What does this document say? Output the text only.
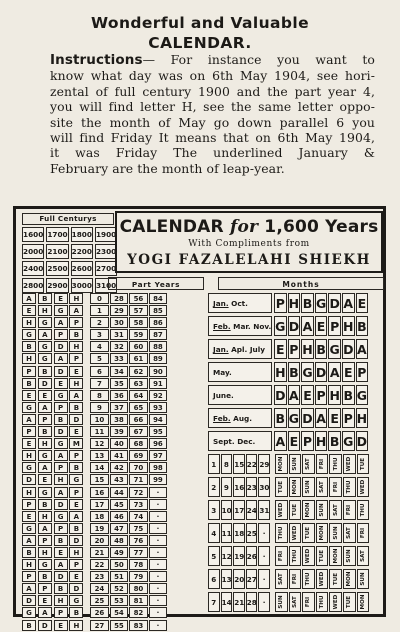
Wonderful and Valuable
CALENDAR.
Instructions— For instance you want to
know what day was on 6th May 1904, see hori-
zental of full century 1900 and the part year 4,
you will find letter H, see the same letter oppo-
site the month of May go down parallel 6 you
will find Friday It means that on 6th May 1904,
it was Friday The underlined January &
February are the month of leap-year.
Full Centurys
1600 1700 1800 1900
2000 2100 2200 2300
2400 2500 2600 2700
2800 2900 3000 3100
CALENDAR for 1,600 Years
With Compliments from
YOGI FAZALELAHI SHIEKH
Part Years
A	B	E	H	0	28	56	84
E	H	G	A	1	29	57	85
H	G	A	P	2	30	58	86
G	A	P	B	3	31	59	87
B	G	D	H	4	32	60	88
H	G	A	P	5	33	61	89
P	B	D	E	6	34	62	90
B	D	E	H	7	35	63	91
E	E	G	A	8	36	64	92
G	A	P	B	9	37	65	93
A	P	B	D	10	38	66	94
P	B	D	E	11	39	67	95
E	H	G	M	12	40	68	96
H	G	A	P	13	41	69	97
G	A	P	B	14	42	70	98
D	E	H	G	15	43	71	99
H	G	A	P	16	44	72	·
P	B	D	E	17	45	73	·
E	H	G	A	18	46	74	·
G	A	P	B	19	47	75	·
A	P	B	D	20	48	76	·
B	H	E	H	21	49	77	·
H	G	A	P	22	50	78	·
P	B	D	E	23	51	79	·
A	P	B	D	24	52	80	·
D	E	H	G	25	53	81	·
G	A	P	B	26	54	82	·
B	D	E	H	27	55	83	·
Months
Jan. Oct.	P H B G D A E
Feb. Mar. Nov. G D A E P H B
Jan. Apl. July E P H B G D A
May.	H B G D A E P
June.	D A E P H B G
Feb. Aug.	B G D A E P H
Sept. Dec.	A E P H B G D
1	8 15 22 29 MON SUN SAT FRI THU WED TUE
2	9 16 23 30 TUE MON SUN SAT FRI THU WED
3 10 17 24 31 WED TUE MON SUN SAT FRI THU
4 11 18 25 ·	THU WED TUE MON SUN SAT FRI
5 12 19 26 ·	FRI THU WED TUE MON SUN SAT
6 13 20 27 ·	SAT FRI THU WED TUE MON SUN
7 14 21 28 ·	SUN SAT FRI THU WED TUE MON
